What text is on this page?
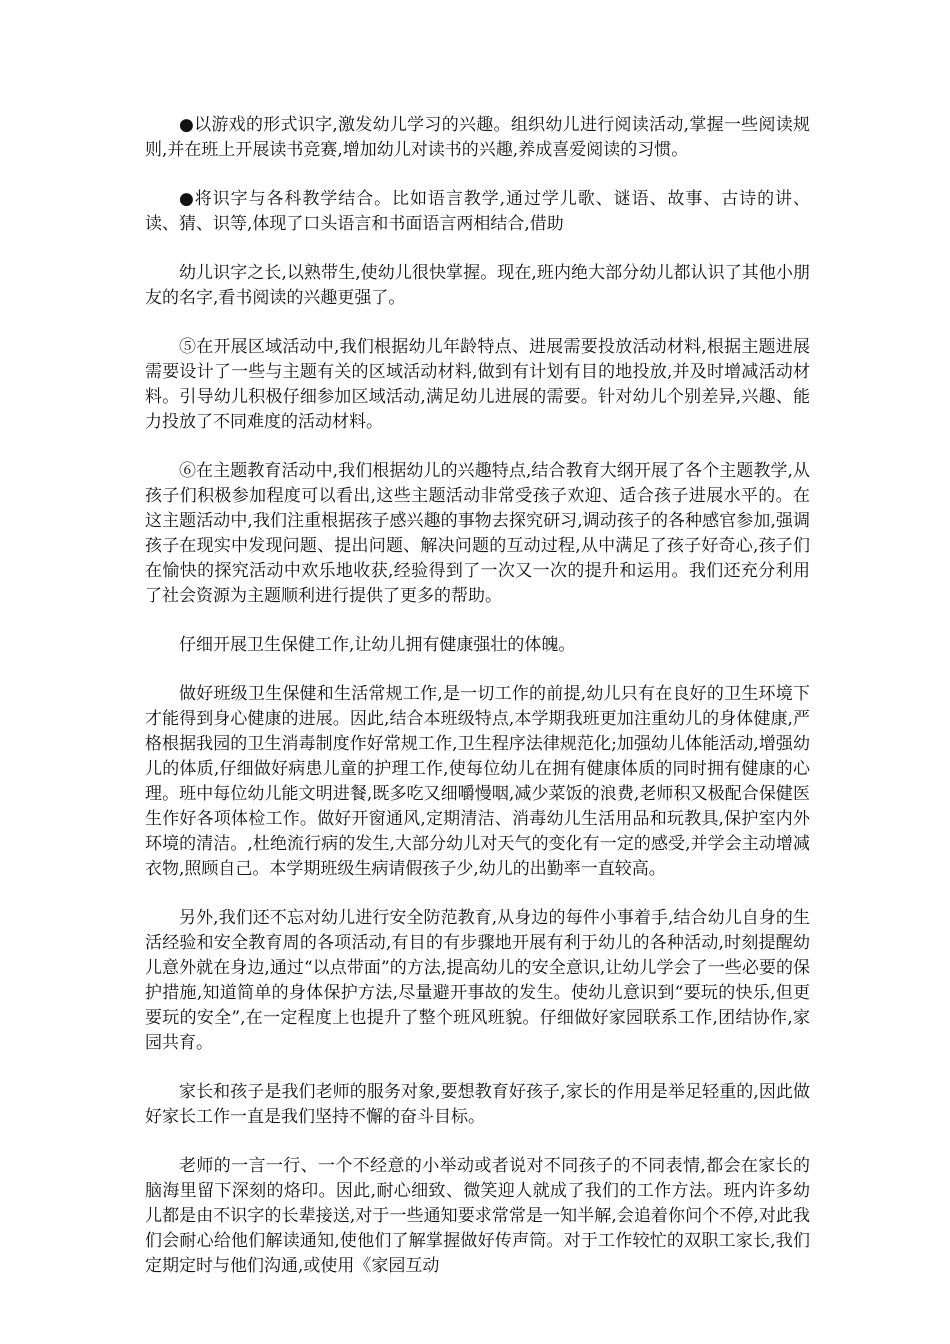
●以游戏的形式识字,激发幼儿学习的兴趣。组织幼儿进行阅读活动,掌握一些阅读规则,并在班上开展读书竞赛,增加幼儿对读书的兴趣,养成喜爱阅读的习惯。

●将识字与各科教学结合。比如语言教学,通过学儿歌、谜语、故事、古诗的讲、读、猜、识等,体现了口头语言和书面语言两相结合,借助

幼儿识字之长,以熟带生,使幼儿很快掌握。现在,班内绝大部分幼儿都认识了其他小朋友的名字,看书阅读的兴趣更强了。

⑤在开展区域活动中,我们根据幼儿年龄特点、进展需要投放活动材料,根据主题进展需要设计了一些与主题有关的区域活动材料,做到有计划有目的地投放,并及时增减活动材料。引导幼儿积极仔细参加区域活动,满足幼儿进展的需要。针对幼儿个别差异,兴趣、能力投放了不同难度的活动材料。

⑥在主题教育活动中,我们根据幼儿的兴趣特点,结合教育大纲开展了各个主题教学,从孩子们积极参加程度可以看出,这些主题活动非常受孩子欢迎、适合孩子进展水平的。在这主题活动中,我们注重根据孩子感兴趣的事物去探究研习,调动孩子的各种感官参加,强调孩子在现实中发现问题、提出问题、解决问题的互动过程,从中满足了孩子好奇心,孩子们在愉快的探究活动中欢乐地收获,经验得到了一次又一次的提升和运用。我们还充分利用了社会资源为主题顺利进行提供了更多的帮助。

仔细开展卫生保健工作,让幼儿拥有健康强壮的体魄。

做好班级卫生保健和生活常规工作,是一切工作的前提,幼儿只有在良好的卫生环境下才能得到身心健康的进展。因此,结合本班级特点,本学期我班更加注重幼儿的身体健康,严格根据我园的卫生消毒制度作好常规工作,卫生程序法律规范化;加强幼儿体能活动,增强幼儿的体质,仔细做好病患儿童的护理工作,使每位幼儿在拥有健康体质的同时拥有健康的心理。班中每位幼儿能文明进餐,既多吃又细嚼慢咽,减少菜饭的浪费,老师积又极配合保健医生作好各项体检工作。做好开窗通风,定期清洁、消毒幼儿生活用品和玩教具,保护室内外环境的清洁。,杜绝流行病的发生,大部分幼儿对天气的变化有一定的感受,并学会主动增减衣物,照顾自己。本学期班级生病请假孩子少,幼儿的出勤率一直较高。

另外,我们还不忘对幼儿进行安全防范教育,从身边的每件小事着手,结合幼儿自身的生活经验和安全教育周的各项活动,有目的有步骤地开展有利于幼儿的各种活动,时刻提醒幼儿意外就在身边,通过“以点带面”的方法,提高幼儿的安全意识,让幼儿学会了一些必要的保护措施,知道简单的身体保护方法,尽量避开事故的发生。使幼儿意识到“要玩的快乐,但更要玩的安全”,在一定程度上也提升了整个班风班貌。仔细做好家园联系工作,团结协作,家园共育。

家长和孩子是我们老师的服务对象,要想教育好孩子,家长的作用是举足轻重的,因此做好家长工作一直是我们坚持不懈的奋斗目标。

老师的一言一行、一个不经意的小举动或者说对不同孩子的不同表情,都会在家长的脑海里留下深刻的烙印。因此,耐心细致、微笑迎人就成了我们的工作方法。班内许多幼儿都是由不识字的长辈接送,对于一些通知要求常常是一知半解,会追着你问个不停,对此我们会耐心给他们解读通知,使他们了解掌握做好传声筒。对于工作较忙的双职工家长,我们定期定时与他们沟通,或使用《家园互动
